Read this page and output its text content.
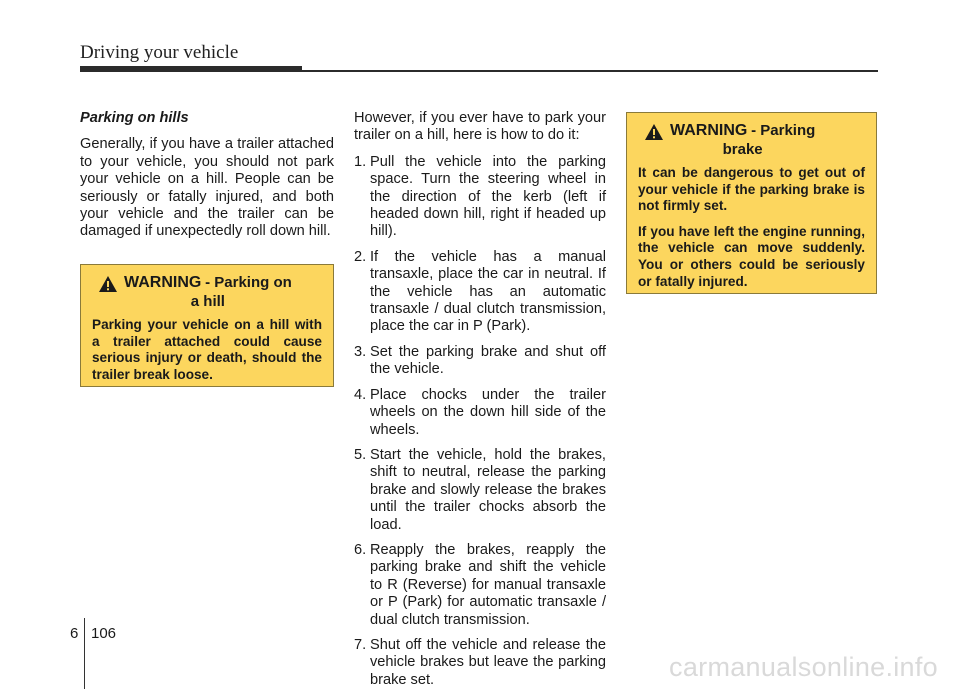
Driving your vehicle
Parking on hills

Generally, if you have a trailer attached to your vehicle, you should not park your vehicle on a hill. People can be seriously or fatally injured, and both your vehicle and the trailer can be damaged if unexpectedly roll down hill.

WARNING - Parking on
a hill

Parking your vehicle on a hill with a trailer attached could cause serious injury or death, should the trailer break loose.

However, if you ever have to park your trailer on a hill, here is how to do it:

1. Pull the vehicle into the parking space. Turn the steering wheel in the direction of the kerb (left if headed down hill, right if headed up hill).
2. If the vehicle has a manual transaxle, place the car in neutral. If the vehicle has an automatic transaxle / dual clutch transmission, place the car in P (Park).
3. Set the parking brake and shut off the vehicle.
4. Place chocks under the trailer wheels on the down hill side of the wheels.
5. Start the vehicle, hold the brakes, shift to neutral, release the parking brake and slowly release the brakes until the trailer chocks absorb the load.
6. Reapply the brakes, reapply the parking brake and shift the vehicle to R (Reverse) for manual transaxle or P (Park) for automatic transaxle / dual clutch transmission.
7. Shut off the vehicle and release the vehicle brakes but leave the parking brake set.
WARNING - Parking
brake

It can be dangerous to get out of your vehicle if the parking brake is not firmly set.

If you have left the engine running, the vehicle can move suddenly. You or others could be seriously or fatally injured.

6 106
carmanualsonline.info
